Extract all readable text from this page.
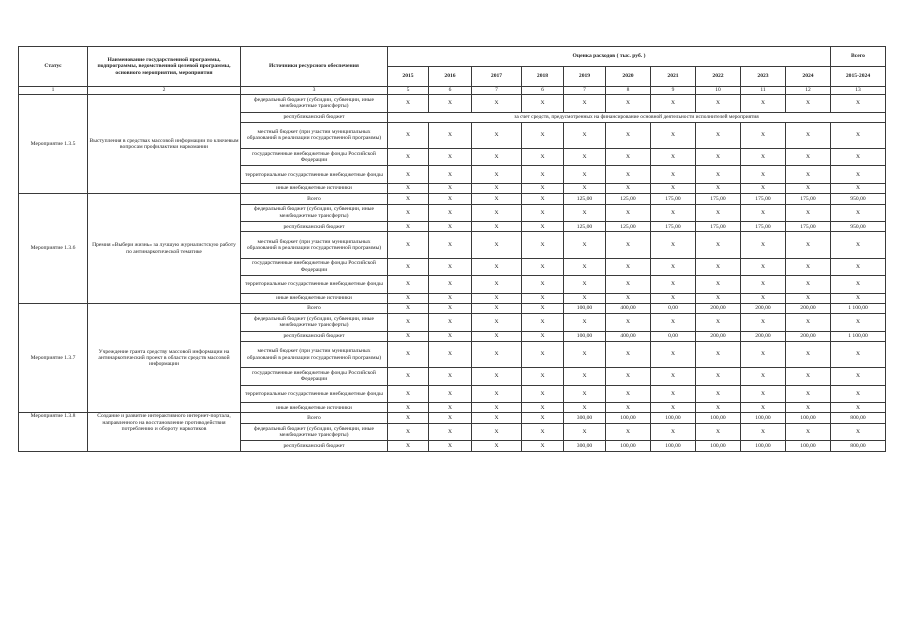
Статус	Наименование государственной программы, подпрограммы, ведомственной целевой программы, основного мероприятия, мероприятия	Источники ресурсного обеспечения	Оценка расходов ( тыс. руб. )										Всего
			2015	2016	2017	2018	2019	2020	2021	2022	2023	2024	2015-2024
1	2	3	5	6	7	6	7	8	9	10	11	12	13
Мероприятие 1.3.5	Выступления в средствах массовой информации по ключевым вопросам профилактики наркомании	федеральный бюджет (субсидии, субвенции, иные межбюджетные трансферты)	X	X	X	X	X	X	X	X	X	X	X
		республиканский бюджет	за счет средств, предусмотренных на финансирование основной деятельности исполнителей мероприятия										
		местный бюджет (при участии муниципальных образований в реализации государственной программы)	X	X	X	X	X	X	X	X	X	X	X
		государственные внебюджетные фонды Российской Федерации	X	X	X	X	X	X	X	X	X	X	X
		территориальные государственные внебюджетные фонды	X	X	X	X	X	X	X	X	X	X	X
		иные внебюджетные источники	X	X	X	X	X	X	X	X	X	X	X
Мероприятие 1.3.6	Премия «Выбери жизнь» за лучшую журналистскую работу по антинаркотической тематике	Всего	X	X	X	X	125,00	125,00	175,00	175,00	175,00	175,00	950,00
		федеральный бюджет (субсидии, субвенции, иные межбюджетные трансферты)	X	X	X	X	X	X	X	X	X	X	X
		республиканский бюджет	X	X	X	X	125,00	125,00	175,00	175,00	175,00	175,00	950,00
		местный бюджет (при участии муниципальных образований в реализации государственной программы)	X	X	X	X	X	X	X	X	X	X	X
		государственные внебюджетные фонды Российской Федерации	X	X	X	X	X	X	X	X	X	X	X
		территориальные государственные внебюджетные фонды	X	X	X	X	X	X	X	X	X	X	X
		иные внебюджетные источники	X	X	X	X	X	X	X	X	X	X	X
Мероприятие 1.3.7	Учреждение гранта средству массовой информации на антинаркотический проект в области средств массовой информации	Всего	X	X	X	X	100,00	400,00	0,00	200,00	200,00	200,00	1 100,00
		федеральный бюджет (субсидии, субвенции, иные межбюджетные трансферты)	X	X	X	X	X	X	X	X	X	X	X
		республиканский бюджет	X	X	X	X	100,00	400,00	0,00	200,00	200,00	200,00	1 100,00
		местный бюджет (при участии муниципальных образований в реализации государственной программы)	X	X	X	X	X	X	X	X	X	X	X
		государственные внебюджетные фонды Российской Федерации	X	X	X	X	X	X	X	X	X	X	X
		территориальные государственные внебюджетные фонды	X	X	X	X	X	X	X	X	X	X	X
		иные внебюджетные источники	X	X	X	X	X	X	X	X	X	X	X
Мероприятие 1.3.8	Создание и развитие интерактивного интернет-портала, направленного на восстановление противодействия потреблению и обороту наркотиков	Всего	X	X	X	X	300,00	100,00	100,00	100,00	100,00	100,00	800,00
		федеральный бюджет (субсидии, субвенции, иные межбюджетные трансферты)	X	X	X	X	X	X	X	X	X	X	X
		республиканский бюджет	X	X	X	X	300,00	100,00	100,00	100,00	100,00	100,00	800,00
